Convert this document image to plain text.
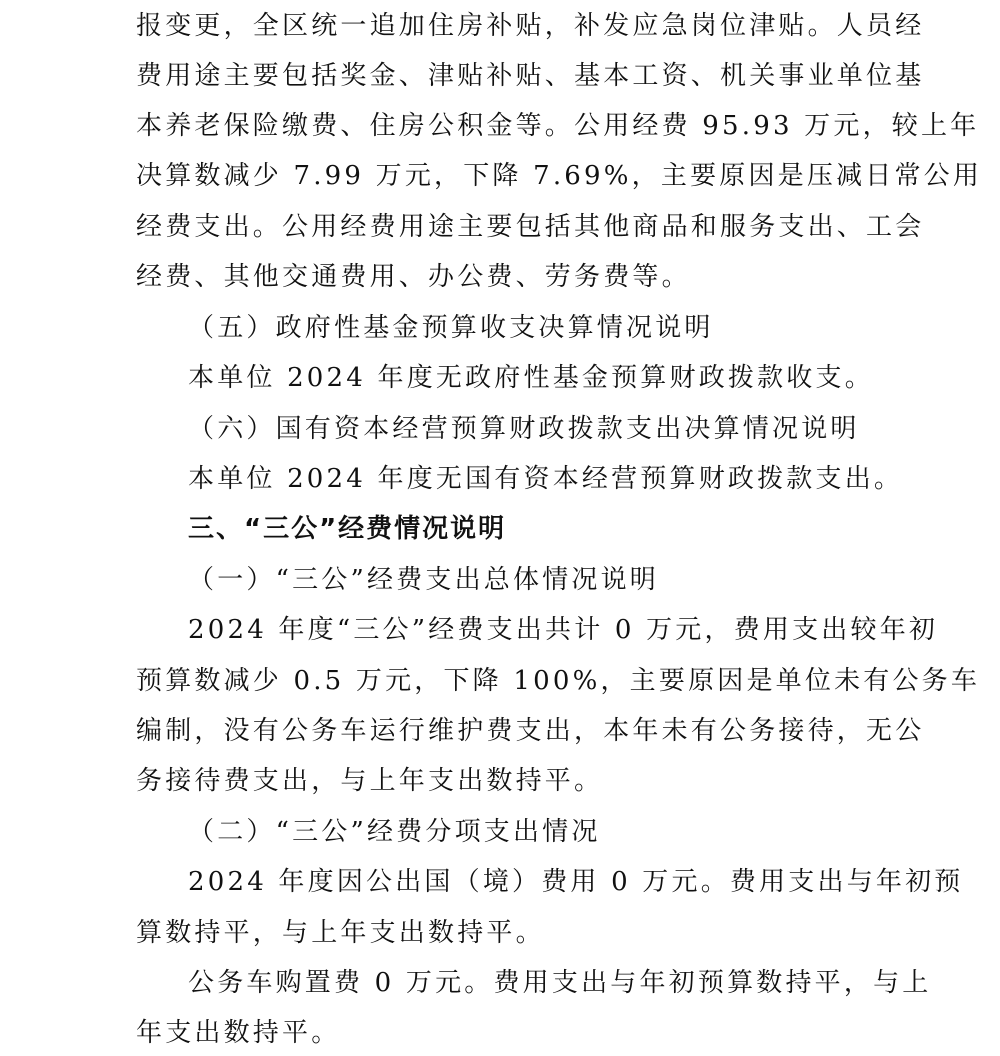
报变更，全区统一追加住房补贴，补发应急岗位津贴。人员经
费用途主要包括奖金、津贴补贴、基本工资、机关事业单位基
本养老保险缴费、住房公积金等。公用经费 95.93 万元，较上年
决算数减少 7.99 万元，下降 7.69%，主要原因是压减日常公用
经费支出。公用经费用途主要包括其他商品和服务支出、工会
经费、其他交通费用、办公费、劳务费等。
（五）政府性基金预算收支决算情况说明
本单位 2024 年度无政府性基金预算财政拨款收支。
（六）国有资本经营预算财政拨款支出决算情况说明
本单位 2024 年度无国有资本经营预算财政拨款支出。
三、“三公”经费情况说明
（一）“三公”经费支出总体情况说明
2024 年度“三公”经费支出共计 0 万元，费用支出较年初
预算数减少 0.5 万元，下降 100%，主要原因是单位未有公务车
编制，没有公务车运行维护费支出，本年未有公务接待，无公
务接待费支出，与上年支出数持平。
（二）“三公”经费分项支出情况
2024 年度因公出国（境）费用 0 万元。费用支出与年初预
算数持平，与上年支出数持平。
公务车购置费 0 万元。费用支出与年初预算数持平，与上
年支出数持平。
